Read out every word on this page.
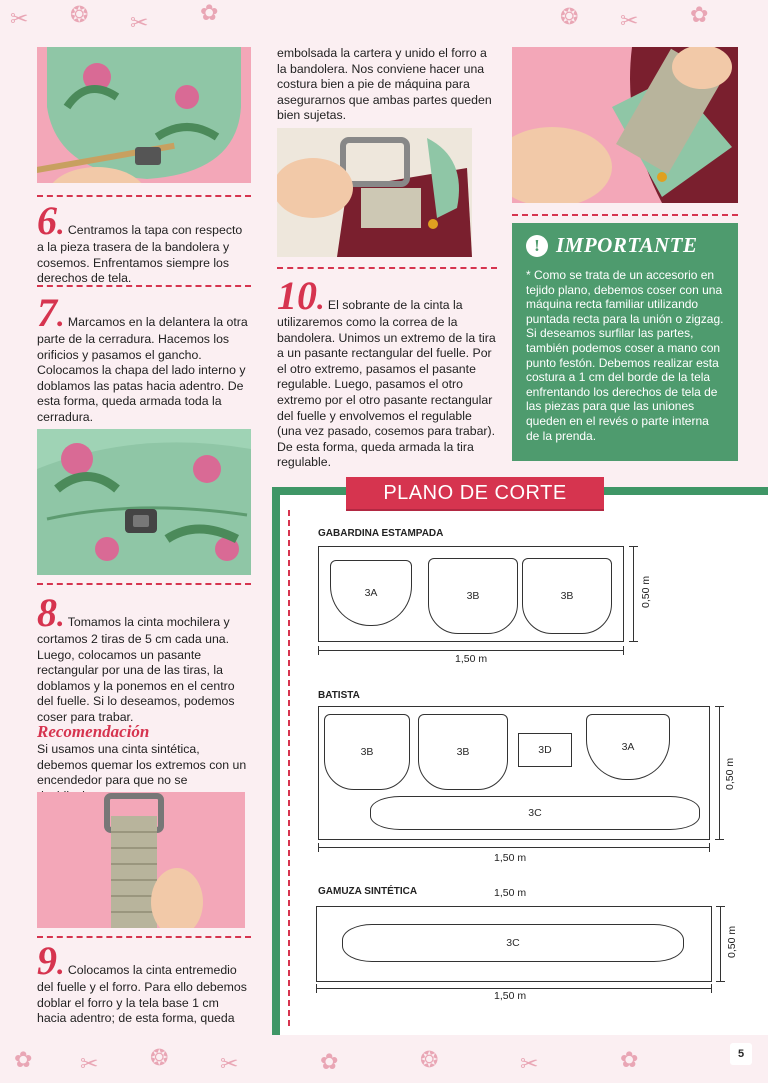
✂ ❂ ✂ ✿	❂ ✂ ✿
✿ ✂ ❂ ✂	✿	❂	✂	✿
6. Centramos la tapa con respecto a la pieza trasera de la bandolera y cosemos. Enfrentamos siempre los derechos de tela.
7. Marcamos en la delantera la otra parte de la cerradura. Hacemos los orificios y pasamos el gancho. Colocamos la chapa del lado interno y doblamos las patas hacia adentro. De esta forma, queda armada toda la cerradura.
8. Tomamos la cinta mochilera y cortamos 2 tiras de 5 cm cada una. Luego, colocamos un pasante rectangular por una de las tiras, la doblamos y la ponemos en el centro del fuelle. Si lo deseamos, podemos coser para trabar.
Recomendación
Si usamos una cinta sintética, debemos quemar los extremos con un encendedor para que no se
9. Colocamos la cinta entremedio del fuelle y el forro. Para ello debemos doblar el forro y la tela base 1 cm hacia adentro; de esta forma, queda

embolsada la cartera y unido el forro a la bandolera. Nos conviene hacer una costura bien a pie de máquina para asegurarnos que ambas partes queden bien sujetas.

10. El sobrante de la cinta la utilizaremos como la correa de la bandolera. Unimos un extremo de la tira a un pasante rectangular del fuelle. Por el otro extremo, pasamos el pasante regulable. Luego, pasamos el otro extremo por el otro pasante rectangular del fuelle y envolvemos el regulable (una vez pasado, cosemos para trabar). De esta forma, queda armada la tira regulable.
! IMPORTANTE
* Como se trata de un accesorio en tejido plano, debemos coser con una máquina recta familiar utilizando puntada recta para la unión o zigzag. Si deseamos surfilar las partes, también podemos coser a mano con punto festón. Debemos realizar esta costura a 1 cm del borde de la tela enfrentando los derechos de tela de las piezas para que las uniones queden en el revés o parte interna de la prenda.
PLANO DE CORTE
GABARDINA ESTAMPADA
3A	3B	3B	0,50 m
1,50 m
BATISTA
3B	3B	3D	3A
3C
0,50 m
1,50 m
GAMUZA SINTÉTICA	1,50 m
3C	0,50 m
1,50 m
5
